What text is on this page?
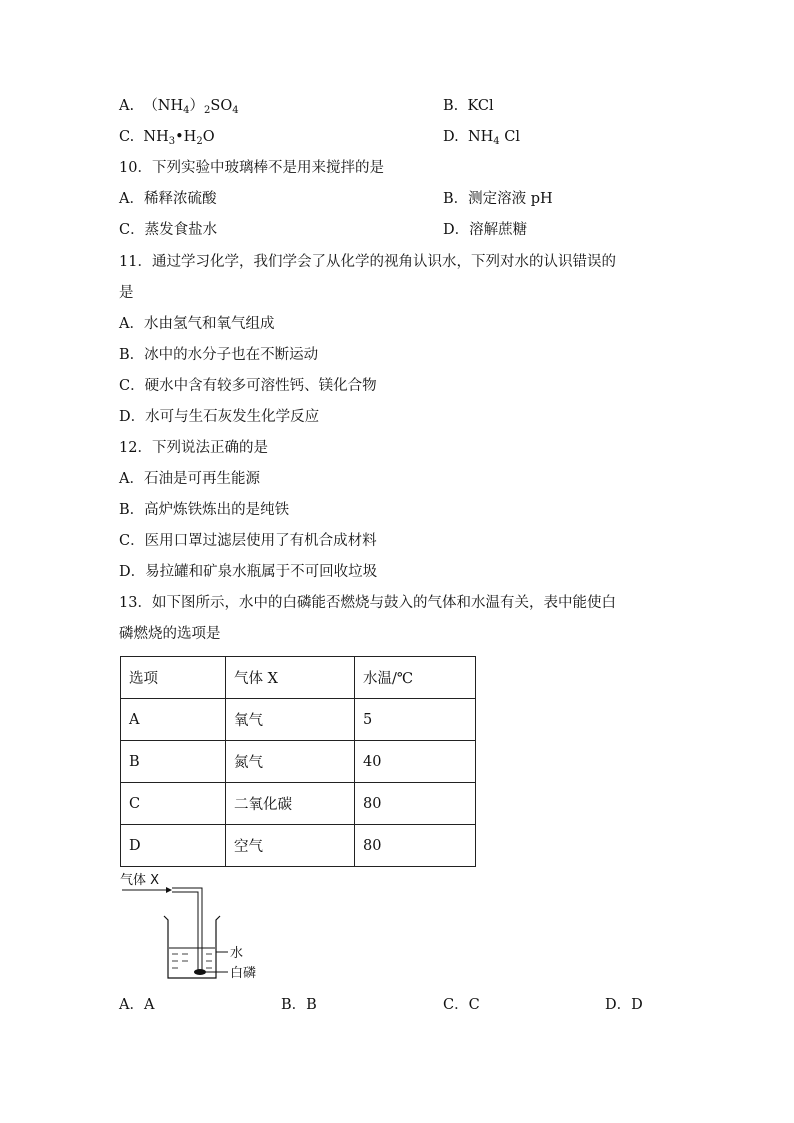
A. $(NH_4)_2SO_4$	B. KCl
C. $NH_3•H_2O$	D. $NH_4$ Cl
10．下列实验中玻璃棒不是用来搅拌的是
A．稀释浓硫酸	B．测定溶液 pH
C．蒸发食盐水	D．溶解蔗糖
11．通过学习化学，我们学会了从化学的视角认识水，下列对水的认识错误的
是
A．水由氢气和氧气组成
B．冰中的水分子也在不断运动
C．硬水中含有较多可溶性钙、镁化合物
D．水可与生石灰发生化学反应
12．下列说法正确的是
A．石油是可再生能源
B．高炉炼铁炼出的是纯铁
C．医用口罩过滤层使用了有机合成材料
D．易拉罐和矿泉水瓶属于不可回收垃圾
13．如下图所示，水中的白磷能否燃烧与鼓入的气体和水温有关，表中能使白
磷燃烧的选项是
选项	气体 X	水温/℃
A	氧气	5
B	氮气	40
C	二氧化碳	80
D	空气	80
气体 X
水
白磷
A．A	B．B	C．C	D．D
